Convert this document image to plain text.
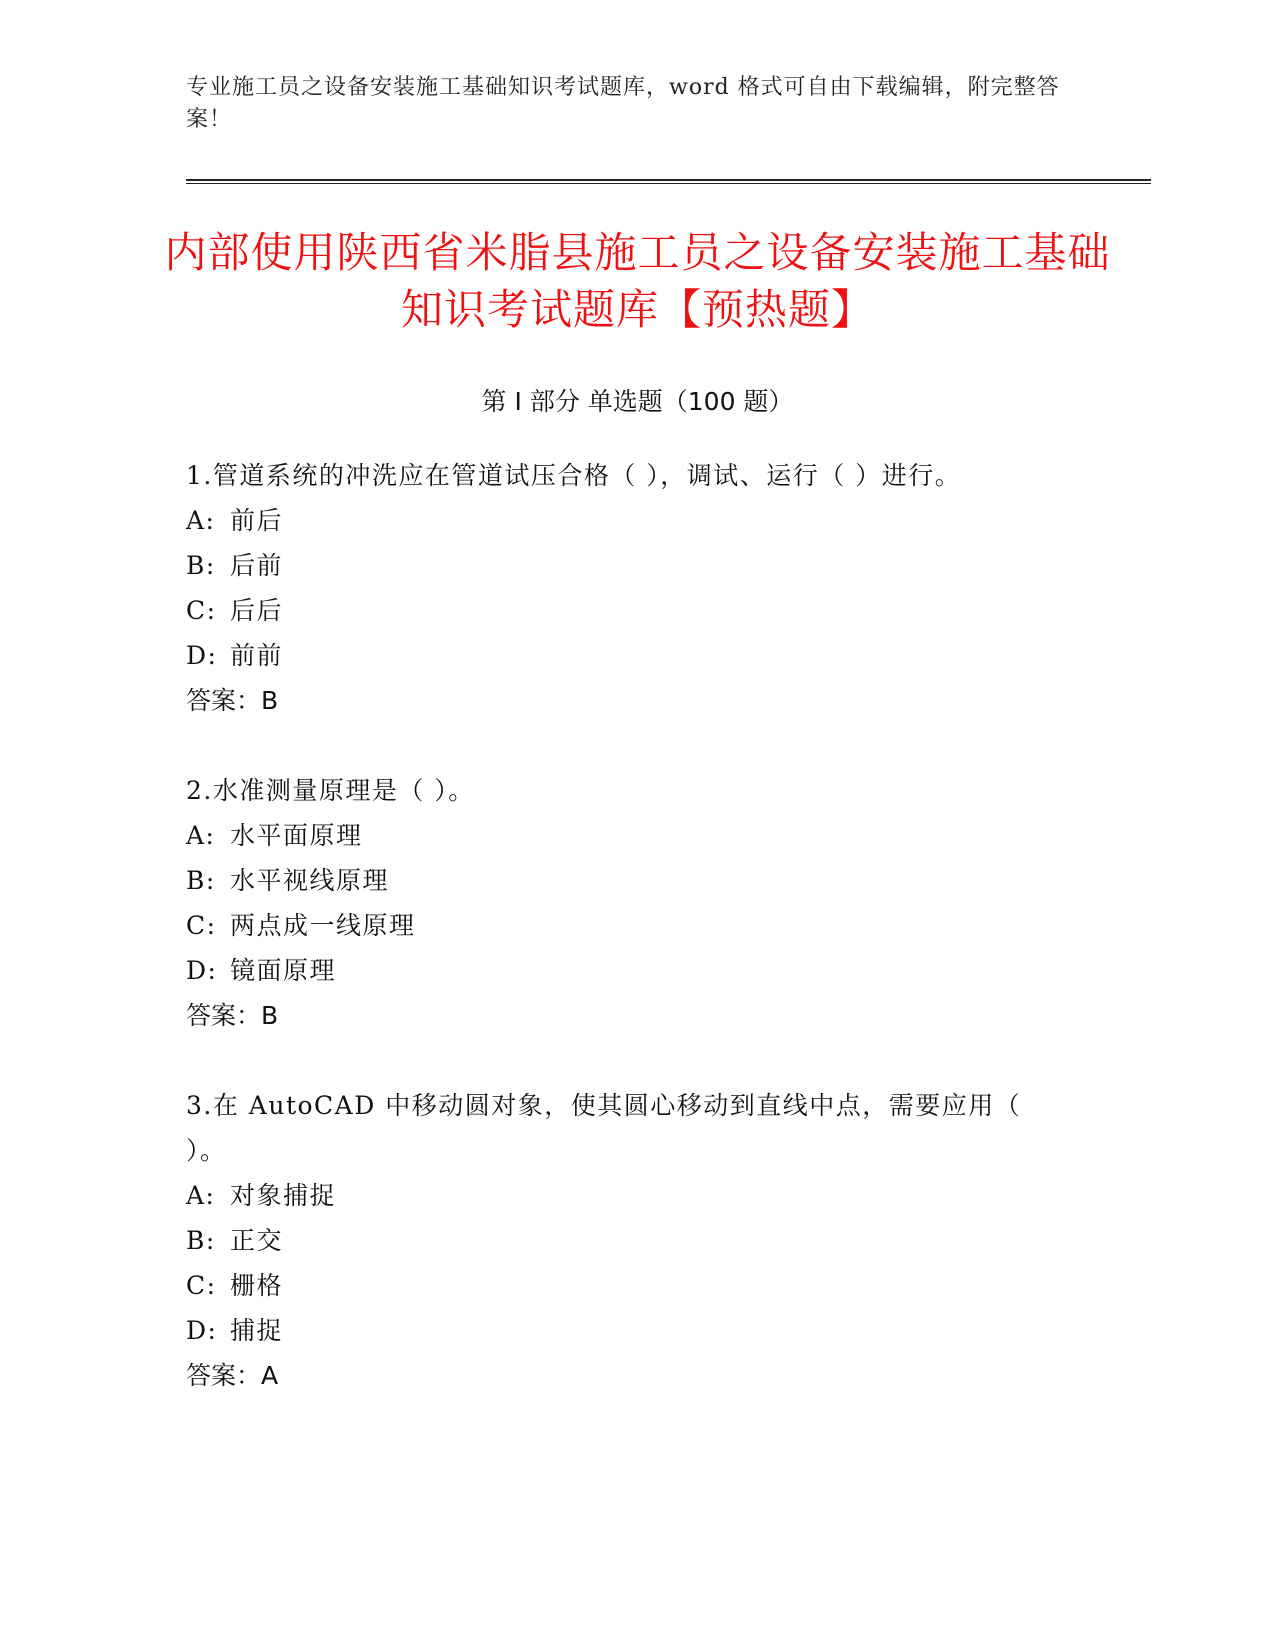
专业施工员之设备安装施工基础知识考试题库，word 格式可自由下载编辑，附完整答案！
内部使用陕西省米脂县施工员之设备安装施工基础知识考试题库【预热题】
第 I 部分 单选题（100 题）

1.管道系统的冲洗应在管道试压合格（ ），调试、运行（ ）进行。

A: 前后

B: 后前

C: 后后

D: 前前

答案：B

2.水准测量原理是（ ）。

A: 水平面原理

B: 水平视线原理

C: 两点成一线原理

D: 镜面原理

答案：B

3.在 AutoCAD 中移动圆对象，使其圆心移动到直线中点，需要应用（ ）。

A: 对象捕捉

B: 正交

C: 栅格

D: 捕捉

答案：A
